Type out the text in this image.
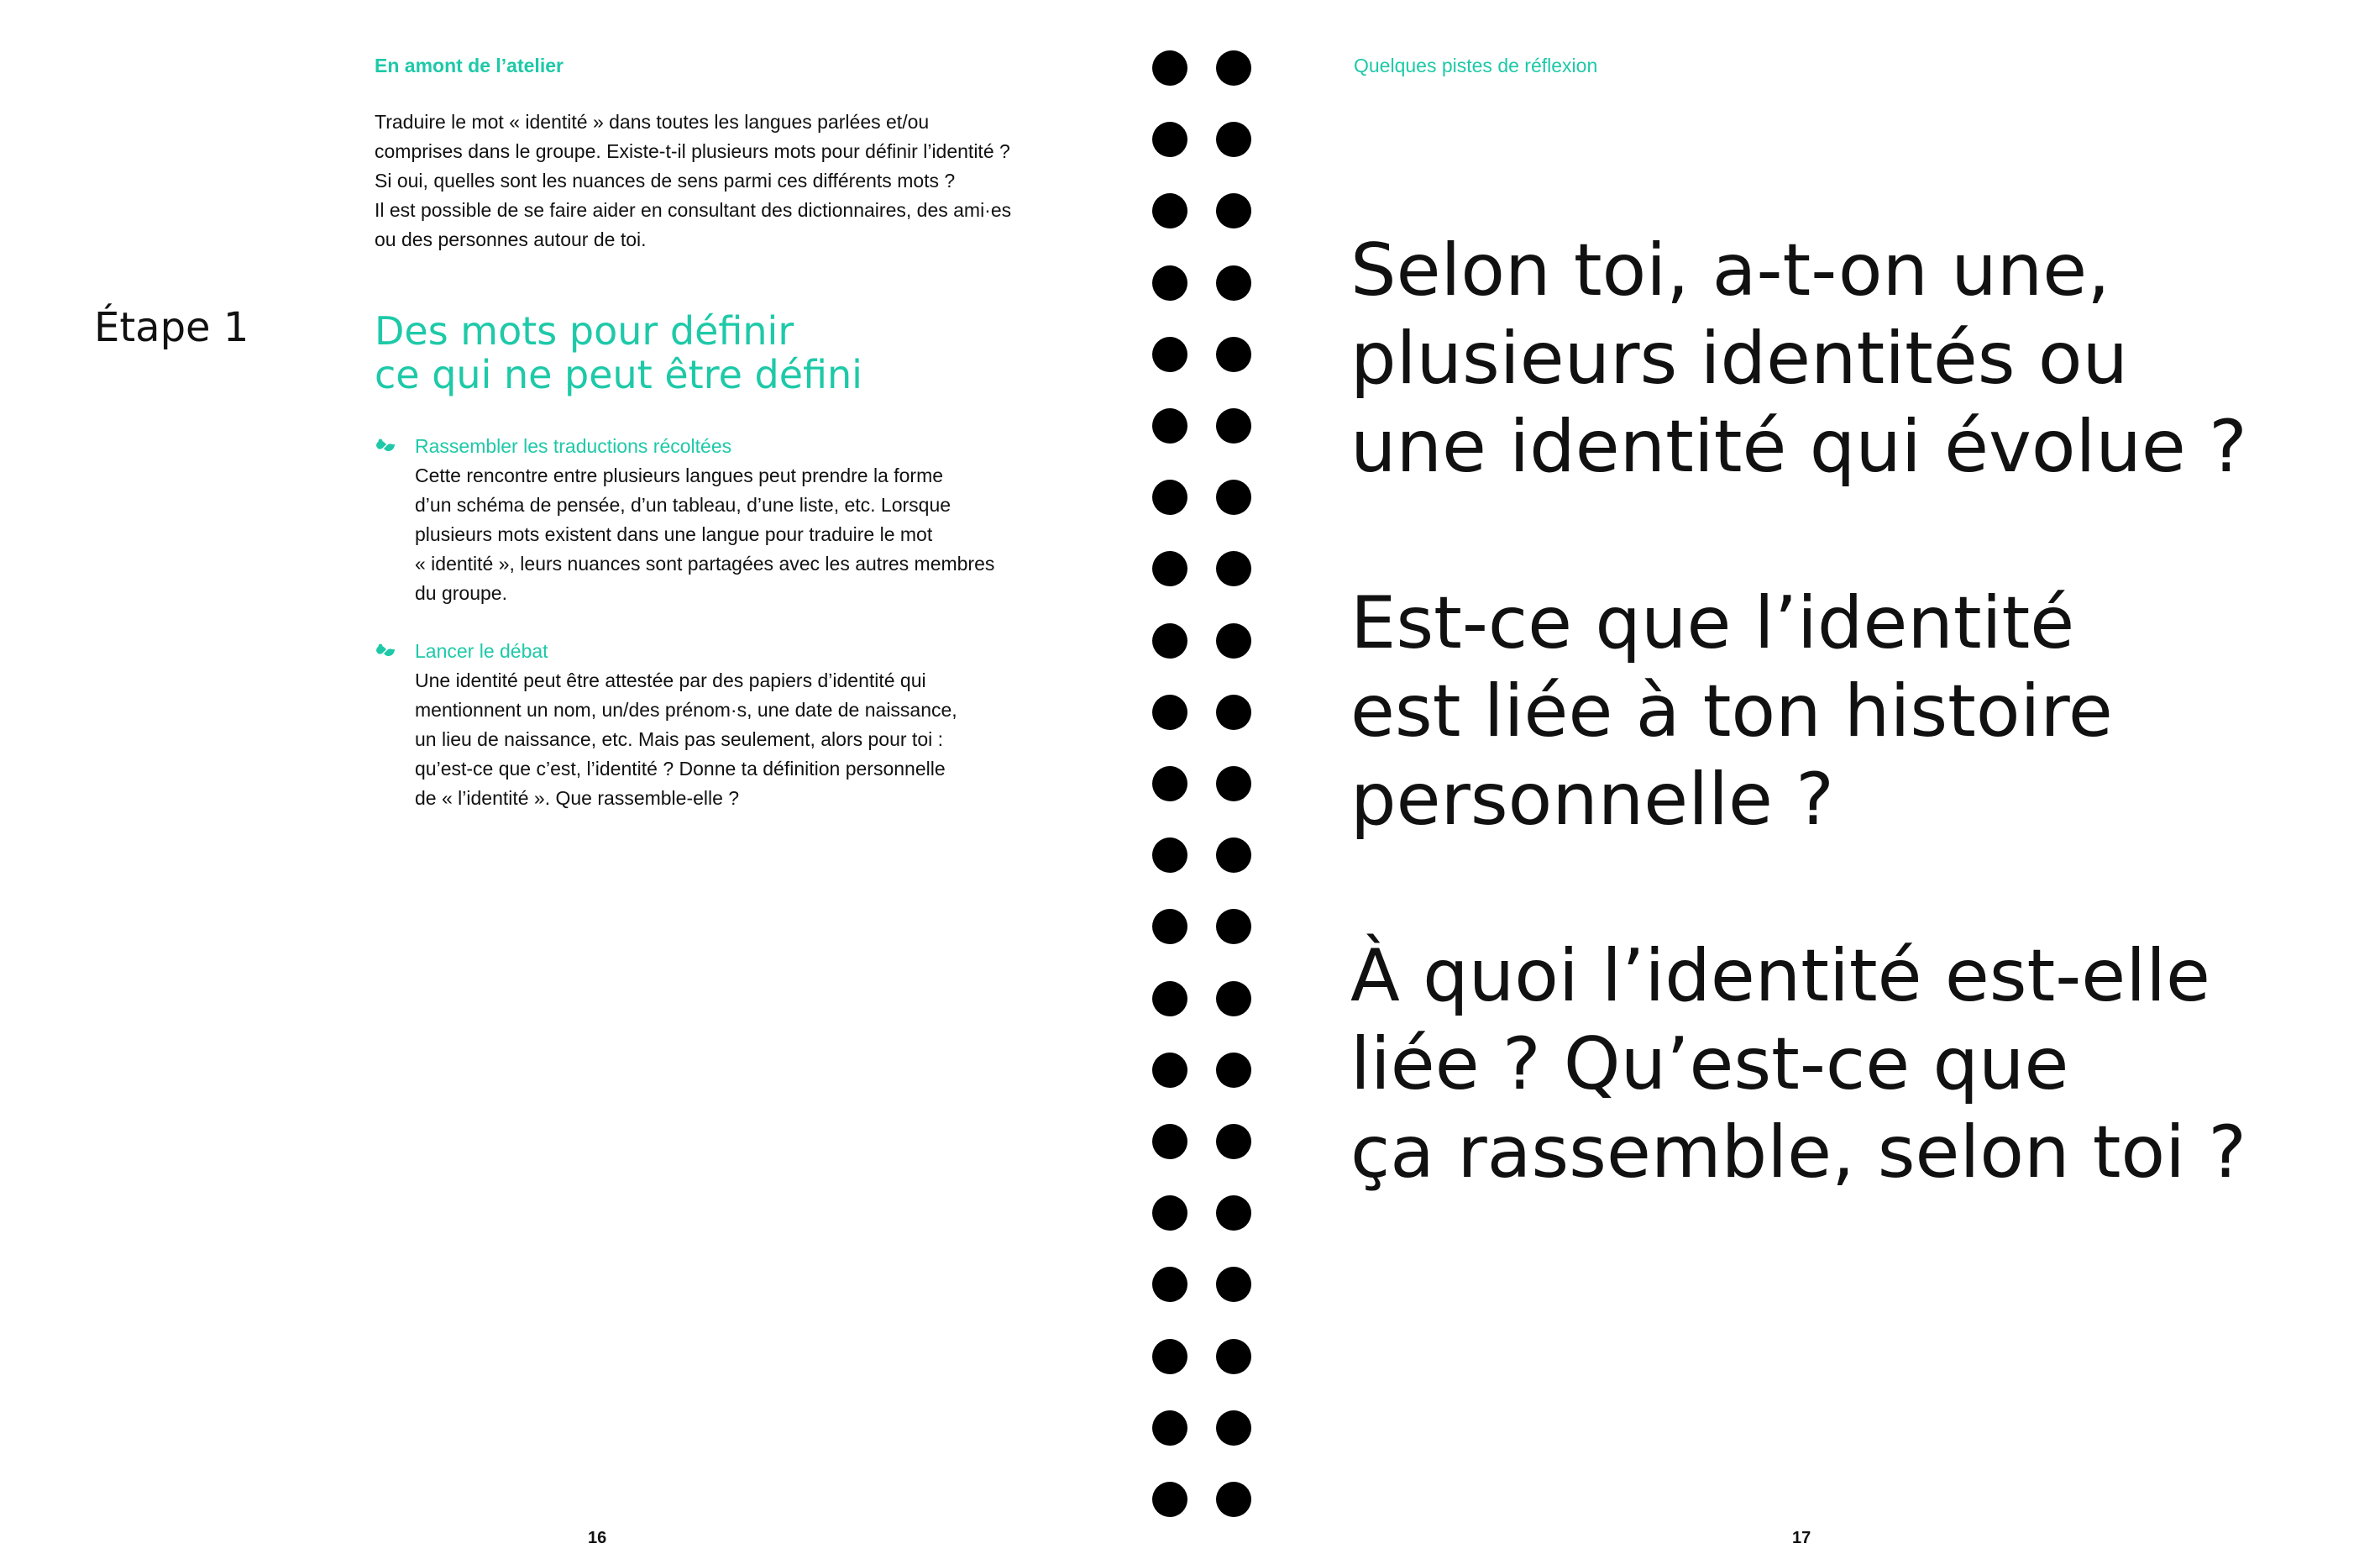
En amont de l’atelier
Traduire le mot « identité » dans toutes les langues parlées et/ou
comprises dans le groupe. Existe-t-il plusieurs mots pour définir l’identité ?
Si oui, quelles sont les nuances de sens parmi ces différents mots ?
Il est possible de se faire aider en consultant des dictionnaires, des ami·es
ou des personnes autour de toi.
Étape 1	Des mots pour définir
ce qui ne peut être défini
Rassembler les traductions récoltées
Cette rencontre entre plusieurs langues peut prendre la forme
d’un schéma de pensée, d’un tableau, d’une liste, etc. Lorsque
plusieurs mots existent dans une langue pour traduire le mot
« identité », leurs nuances sont partagées avec les autres membres
du groupe.
Lancer le débat
Une identité peut être attestée par des papiers d’identité qui
mentionnent un nom, un/des prénom·s, une date de naissance,
un lieu de naissance, etc. Mais pas seulement, alors pour toi :
qu’est-ce que c’est, l’identité ? Donne ta définition personnelle
de « l’identité ». Que rassemble-elle ?
16
Quelques pistes de réflexion
Selon toi, a-t-on une,
plusieurs identités ou
une identité qui évolue ?
Est-ce que l’identité
est liée à ton histoire
personnelle ?
À quoi l’identité est-elle
liée ? Qu’est-ce que
ça rassemble, selon toi ?
17
